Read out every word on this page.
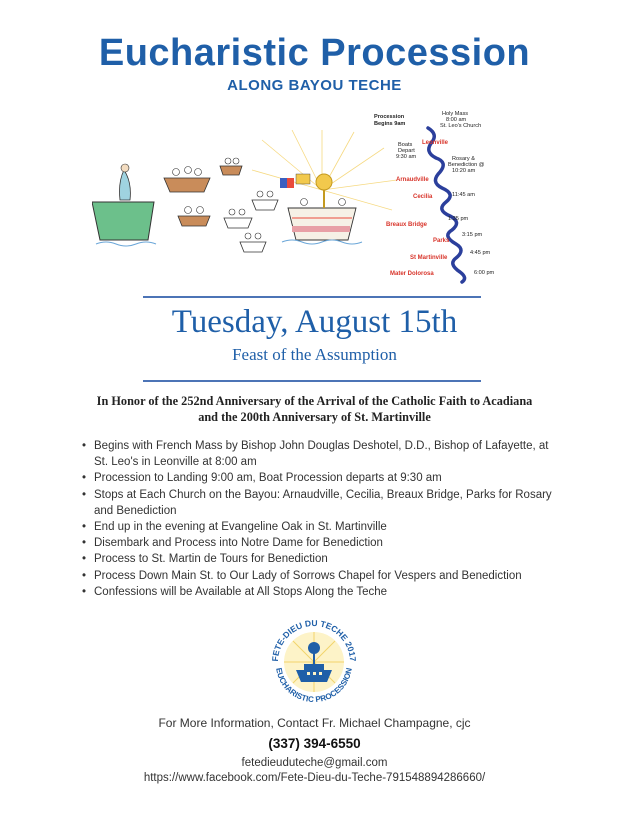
Eucharistic Procession
ALONG BAYOU TECHE
Procession
Begins 9am
Holy Mass
8:00 am
St. Leo's Church
Boats
Depart
9:30 am	Rosary &
Benediction @
10:20 am
Leonville
Arnaudville
Cecilia
Breaux Bridge
Parks
St Martinville
Mater Dolorosa
11:45 am
1:35 pm
3:15 pm
4:45 pm
6:00 pm
Tuesday, August 15th
Feast of the Assumption
In Honor of the 252nd Anniversary of the Arrival of the Catholic Faith to Acadiana
and the 200th Anniversary of St. Martinville
• Begins with French Mass by Bishop John Douglas Deshotel, D.D., Bishop of Lafayette, at St. Leo's in Leonville at 8:00 am
• Procession to Landing 9:00 am, Boat Procession departs at 9:30 am
• Stops at Each Church on the Bayou: Arnaudville, Cecilia, Breaux Bridge, Parks for Rosary and Benediction
• End up in the evening at Evangeline Oak in St. Martinville
• Disembark and Process into Notre Dame for Benediction
• Process to St. Martin de Tours for Benediction
• Process Down Main St. to Our Lady of Sorrows Chapel for Vespers and Benediction
• Confessions will be Available at All Stops Along the Teche
FETE-DIEU DU TECHE 2017
EUCHARISTIC PROCESSION
For More Information, Contact Fr. Michael Champagne, cjc
(337) 394-6550
fetedieuduteche@gmail.com
https://www.facebook.com/Fete-Dieu-du-Teche-791548894286660/
